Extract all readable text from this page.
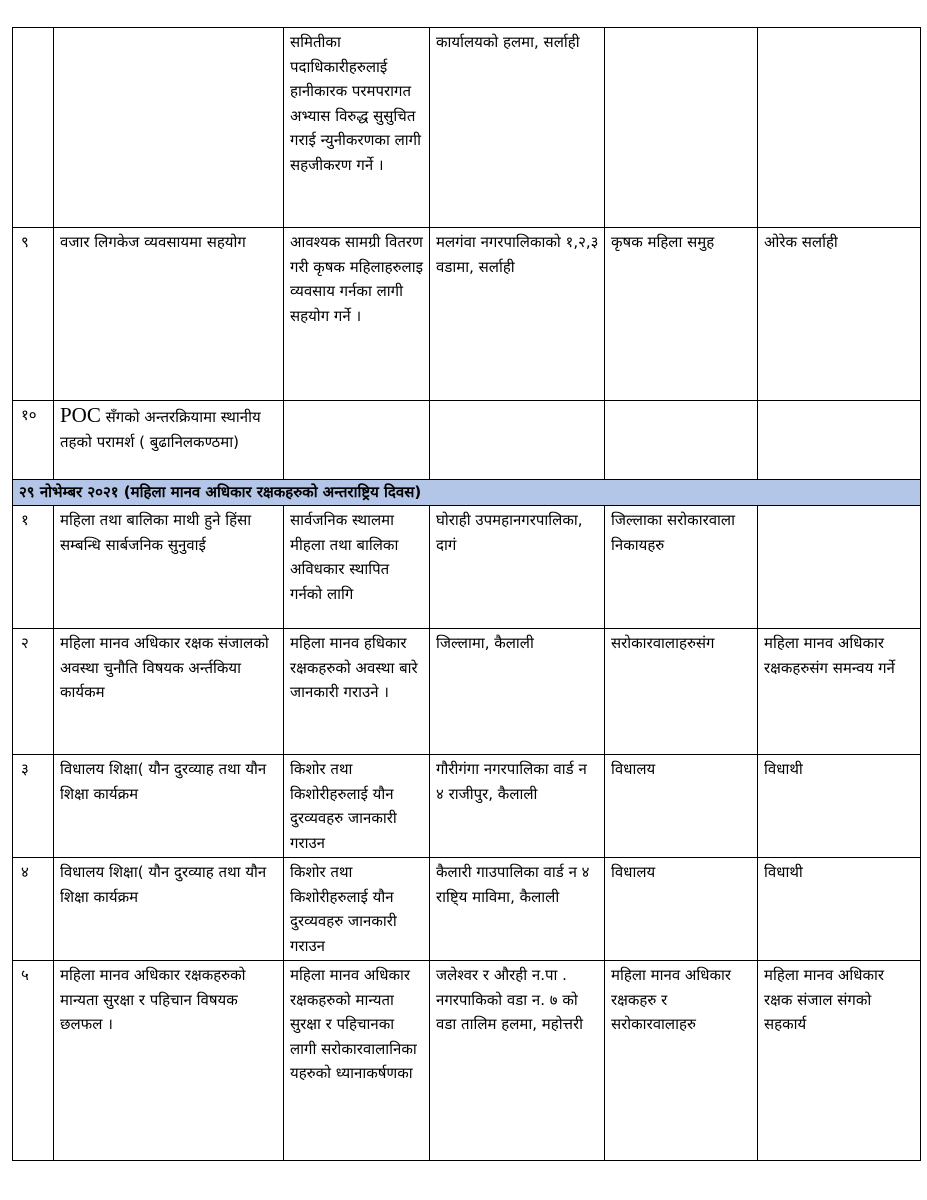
		समितीका पदाधिकारीहरुलाई हानीकारक परमपरागत अभ्यास विरुद्ध सुसुचित गराई न्युनीकरणका लागी सहजीकरण गर्ने ।	कार्यालयको हलमा, सर्लाही		
९	वजार लिगकेज व्यवसायमा सहयोग	आवश्यक सामग्री वितरण गरी कृषक महिलाहरुलाइ व्यवसाय गर्नका लागी सहयोग गर्ने ।	मलगंवा नगरपालिकाको १,२,३ वडामा, सर्लाही	कृषक महिला समुह	ओरेक सर्लाही
१०	POC सँगको अन्तरक्रियामा स्थानीय तहको परामर्श ( बुढानिलकण्ठमा)				
२९ नोभेम्बर २०२१ (महिला मानव अधिकार रक्षकहरुको अन्तराष्ट्रिय दिवस)					
१	महिला तथा बालिका माथी हुने हिंसा सम्बन्धि सार्बजनिक सुनुवाई	सार्वजनिक स्थालमा मीहला तथा बालिका अविधकार स्थापित गर्नको लागि	घोराही उपमहानगरपालिका, दागं	जिल्लाका सरोकारवाला निकायहरु	
२	महिला मानव अधिकार रक्षक संजालको अवस्था चुनौति विषयक अर्न्तकिया कार्यकम	महिला मानव हधिकार रक्षकहरुको अवस्था बारे जानकारी गराउने ।	जिल्लामा, कैलाली	सरोकारवालाहरुसंग	महिला मानव अधिकार रक्षकहरुसंग समन्वय गर्ने
३	विधालय शिक्षा( यौन दुरव्याह तथा यौन शिक्षा कार्यक्रम	किशोर तथा किशोरीहरुलाई यौन दुरव्यवहरु जानकारी गराउन	गौरीगंगा नगरपालिका वार्ड न ४ राजीपुर, कैलाली	विधालय	विधाथी
४	विधालय शिक्षा( यौन दुरव्याह तथा यौन शिक्षा कार्यक्रम	किशोर तथा किशोरीहरुलाई यौन दुरव्यवहरु जानकारी गराउन	कैलारी गाउपालिका वार्ड न ४ राष्टि्य माविमा, कैलाली	विधालय	विधाथी
५	महिला मानव अधिकार रक्षकहरुको मान्यता सुरक्षा र पहिचान विषयक छलफल ।	महिला मानव अधिकार रक्षकहरुको मान्यता सुरक्षा र पहिचानका लागी सरोकारवालानिका यहरुको ध्यानाकर्षणका	जलेश्वर र औरही न.पा . नगरपाकिको वडा न. ७ को वडा तालिम हलमा, महोत्तरी	महिला मानव अधिकार रक्षकहरु र सरोकारवालाहरु	महिला मानव अधिकार रक्षक संजाल संगको सहकार्य
